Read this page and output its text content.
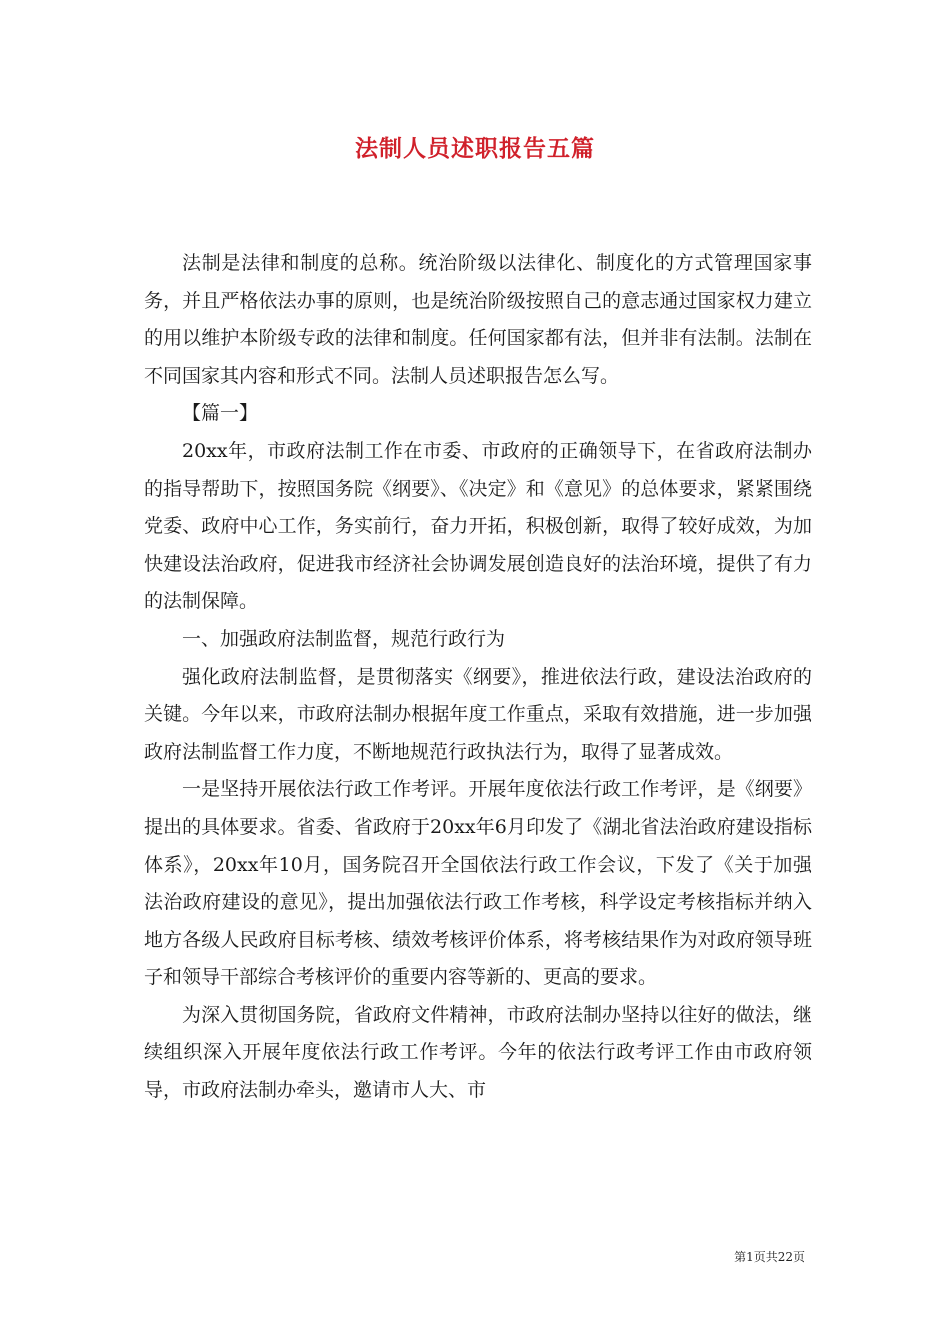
法制人员述职报告五篇

法制是法律和制度的总称。统治阶级以法律化、制度化的方式管理国家事务，并且严格依法办事的原则，也是统治阶级按照自己的意志通过国家权力建立的用以维护本阶级专政的法律和制度。任何国家都有法，但并非有法制。法制在不同国家其内容和形式不同。法制人员述职报告怎么写。

【篇一】

20xx年，市政府法制工作在市委、市政府的正确领导下，在省政府法制办的指导帮助下，按照国务院《纲要》、《决定》和《意见》的总体要求，紧紧围绕党委、政府中心工作，务实前行，奋力开拓，积极创新，取得了较好成效，为加快建设法治政府，促进我市经济社会协调发展创造良好的法治环境，提供了有力的法制保障。

一、加强政府法制监督，规范行政行为

强化政府法制监督，是贯彻落实《纲要》，推进依法行政，建设法治政府的关键。今年以来，市政府法制办根据年度工作重点，采取有效措施，进一步加强政府法制监督工作力度，不断地规范行政执法行为，取得了显著成效。

一是坚持开展依法行政工作考评。开展年度依法行政工作考评，是《纲要》提出的具体要求。省委、省政府于20xx年6月印发了《湖北省法治政府建设指标体系》，20xx年10月，国务院召开全国依法行政工作会议，下发了《关于加强法治政府建设的意见》，提出加强依法行政工作考核，科学设定考核指标并纳入地方各级人民政府目标考核、绩效考核评价体系，将考核结果作为对政府领导班子和领导干部综合考核评价的重要内容等新的、更高的要求。

为深入贯彻国务院，省政府文件精神，市政府法制办坚持以往好的做法，继续组织深入开展年度依法行政工作考评。今年的依法行政考评工作由市政府领导，市政府法制办牵头，邀请市人大、市

第1页共22页
